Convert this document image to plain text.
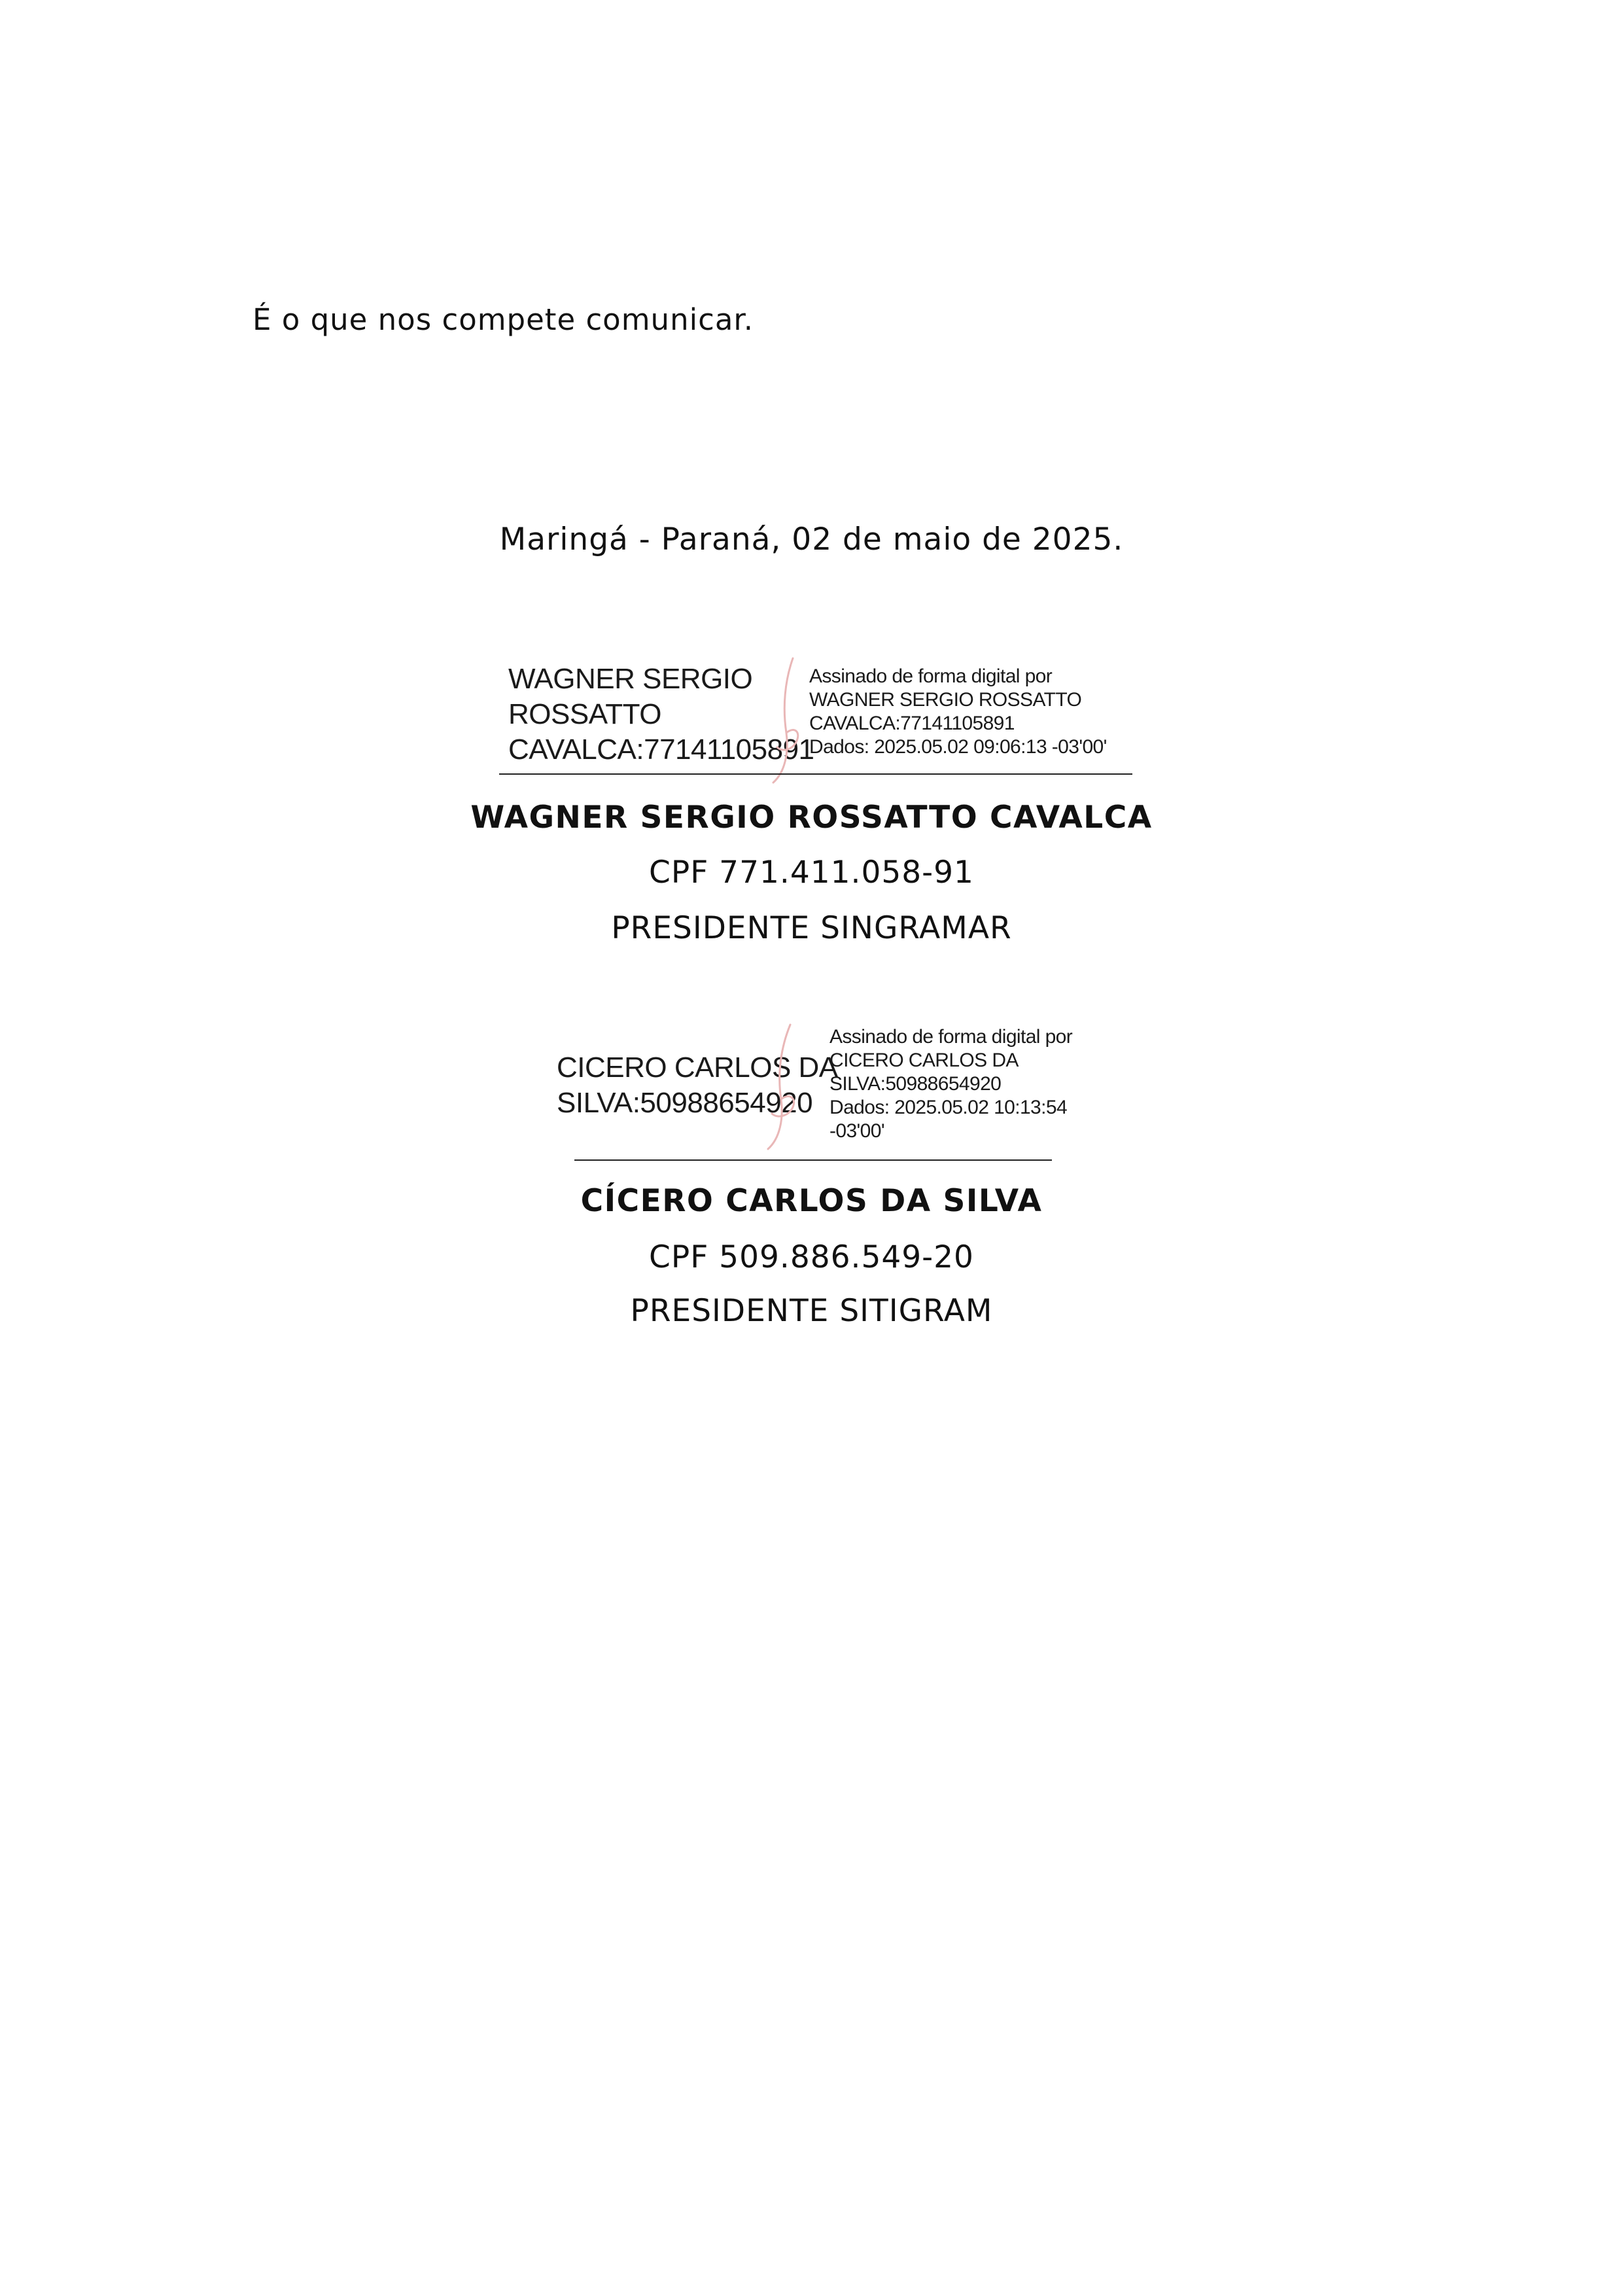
É o que nos compete comunicar.
Maringá - Paraná, 02 de maio de 2025.
WAGNER SERGIO
ROSSATTO
CAVALCA:77141105891
Assinado de forma digital por
WAGNER SERGIO ROSSATTO
CAVALCA:77141105891
Dados: 2025.05.02 09:06:13 -03'00'
WAGNER SERGIO ROSSATTO CAVALCA
CPF 771.411.058-91
PRESIDENTE SINGRAMAR
CICERO CARLOS DA
SILVA:50988654920
Assinado de forma digital por
CICERO CARLOS DA
SILVA:50988654920
Dados: 2025.05.02 10:13:54
-03'00'
CÍCERO CARLOS DA SILVA
CPF 509.886.549-20
PRESIDENTE SITIGRAM
